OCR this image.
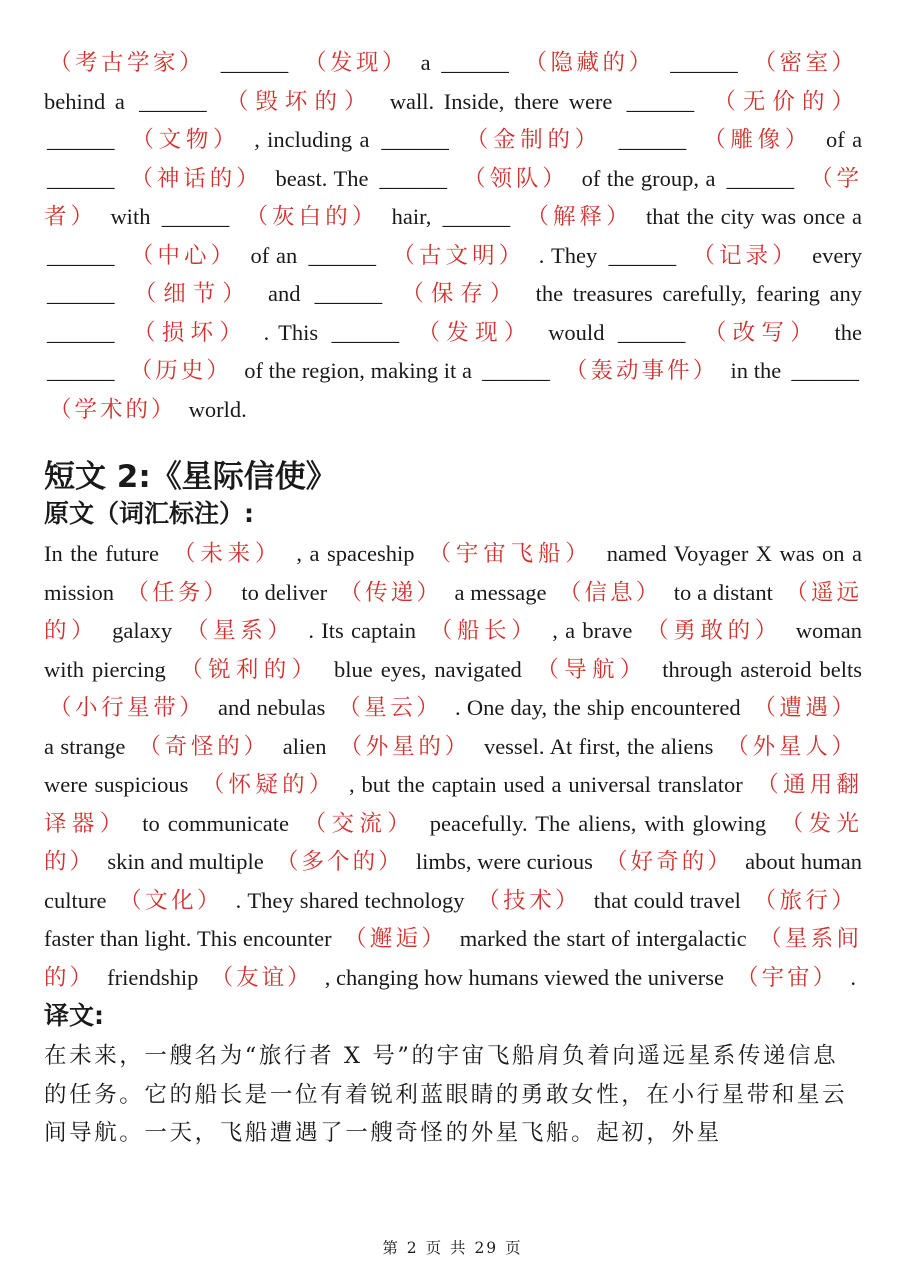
（考古学家） ______ （发现） a ______ （隐藏的） ______ （密室） behind a ______ （毁坏的） wall. Inside, there were ______ （无价的） ______ （文物） , including a ______ （金制的） ______ （雕像） of a ______ （神话的） beast. The ______ （领队） of the group, a ______ （学者） with ______ （灰白的） hair, ______ （解释） that the city was once a ______ （中心） of an ______ （古文明） . They ______ （记录） every ______ （细节） and ______ （保存） the treasures carefully, fearing any ______ （损坏） . This ______ （发现） would ______ （改写） the ______ （历史） of the region, making it a ______ （轰动事件） in the ______ （学术的） world.

短文 2:《星际信使》
原文（词汇标注）:

In the future （未来） , a spaceship （宇宙飞船） named Voyager X was on a mission （任务） to deliver （传递） a message （信息） to a distant （遥远的） galaxy （星系） . Its captain （船长） , a brave （勇敢的） woman with piercing （锐利的） blue eyes, navigated （导航） through asteroid belts （小行星带） and nebulas （星云） . One day, the ship encountered （遭遇） a strange （奇怪的） alien （外星的） vessel. At first, the aliens （外星人） were suspicious （怀疑的） , but the captain used a universal translator （通用翻译器） to communicate （交流） peacefully. The aliens, with glowing （发光的） skin and multiple （多个的） limbs, were curious （好奇的） about human culture （文化） . They shared technology （技术） that could travel （旅行） faster than light. This encounter （邂逅） marked the start of intergalactic （星系间的） friendship （友谊） , changing how humans viewed the universe （宇宙） .

译文:

在未来，一艘名为“旅行者 X 号”的宇宙飞船肩负着向遥远星系传递信息的任务。它的船长是一位有着锐利蓝眼睛的勇敢女性，在小行星带和星云间导航。一天，飞船遭遇了一艘奇怪的外星飞船。起初，外星

第 2 页 共 29 页
